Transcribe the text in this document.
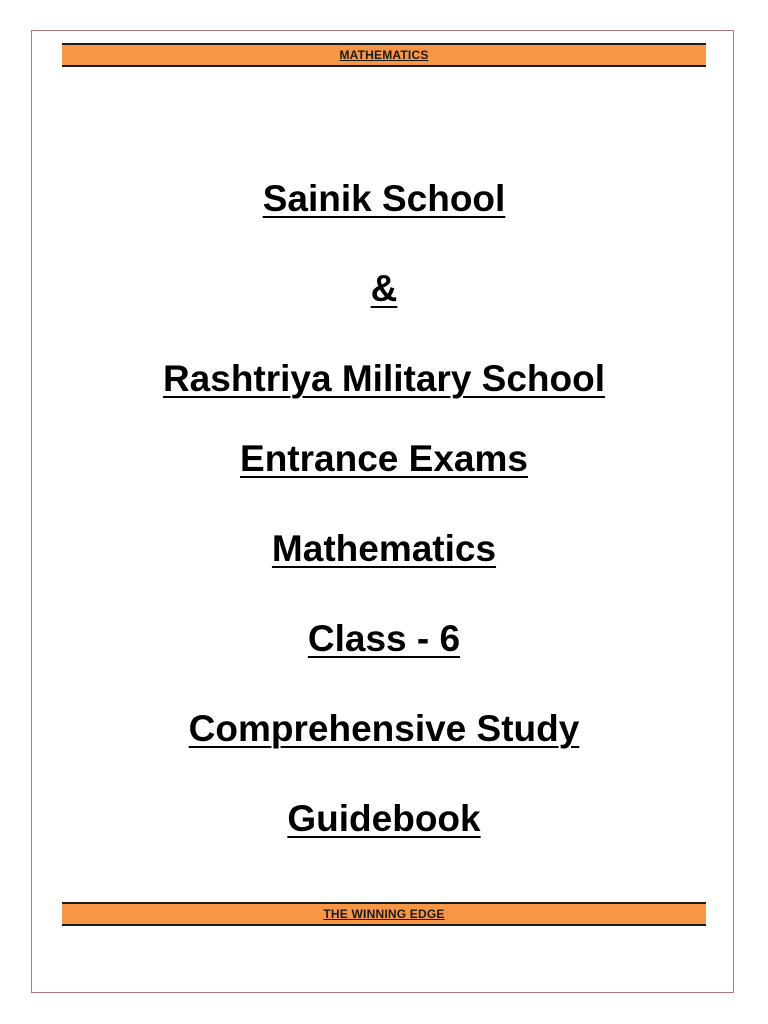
MATHEMATICS
Sainik School
&
Rashtriya Military School
Entrance Exams
Mathematics
Class - 6
Comprehensive Study
Guidebook
THE WINNING EDGE
